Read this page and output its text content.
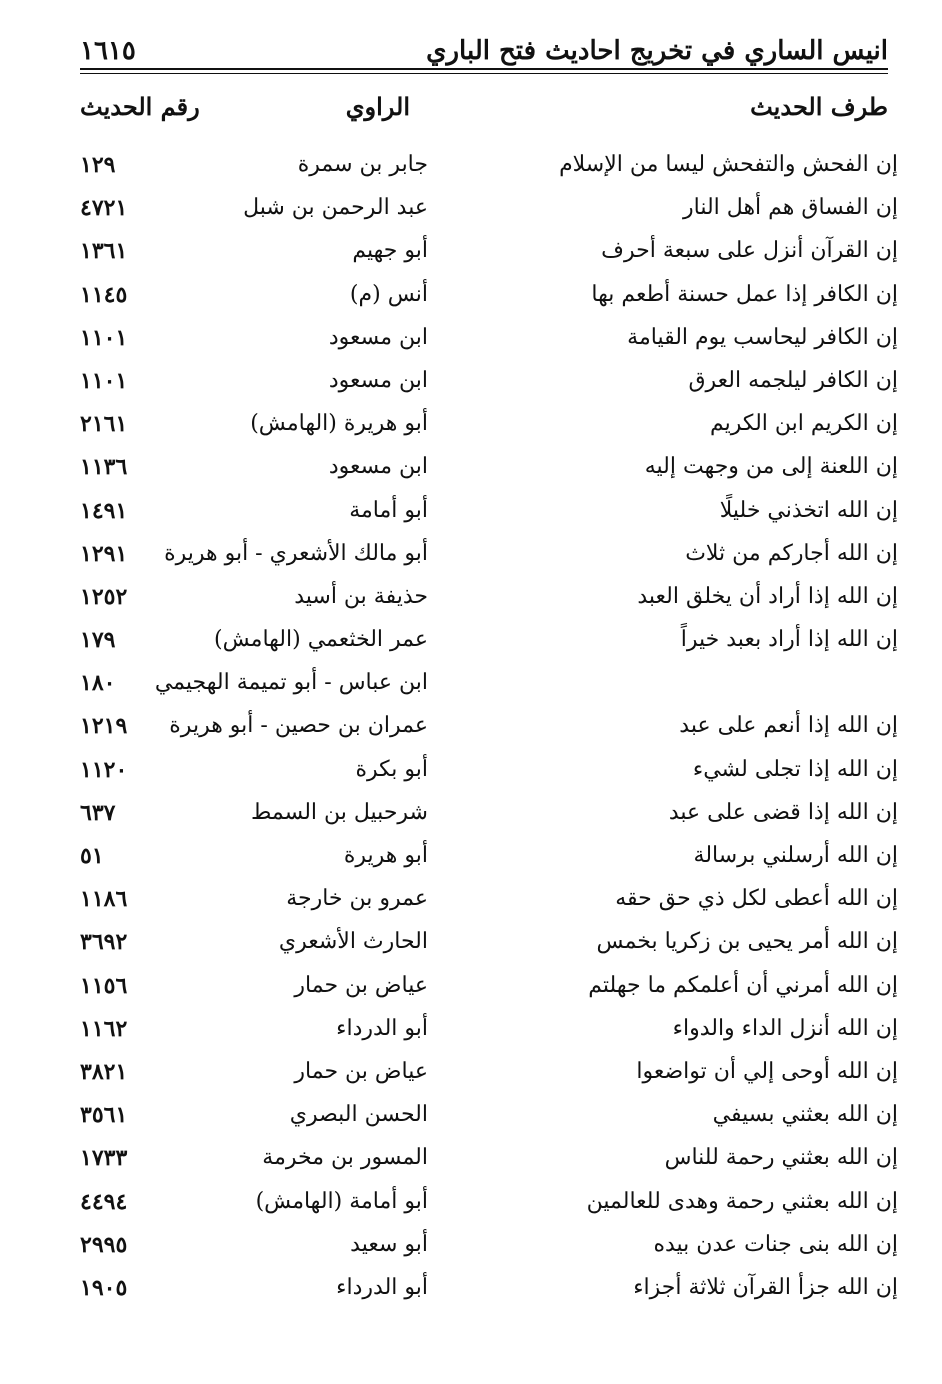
١٦١٥	انيس الساري في تخريج احاديث فتح الباري
طرف الحديث
الراوي
رقم الحديث
إن الفحش والتفحش ليسا من الإسلام
جابر بن سمرة
١٢٩
إن الفساق هم أهل النار
عبد الرحمن بن شبل
٤٧٢١
إن القرآن أنزل على سبعة أحرف
أبو جهيم
١٣٦١
إن الكافر إذا عمل حسنة أطعم بها
أنس (م)
١١٤٥
إن الكافر ليحاسب يوم القيامة
ابن مسعود
١١٠١
إن الكافر ليلجمه العرق
ابن مسعود
١١٠١
إن الكريم ابن الكريم
أبو هريرة (الهامش)
٢١٦١
إن اللعنة إلى من وجهت إليه
ابن مسعود
١١٣٦
إن الله اتخذني خليلًا
أبو أمامة
١٤٩١
إن الله أجاركم من ثلاث
أبو مالك الأشعري - أبو هريرة
١٢٩١
إن الله إذا أراد أن يخلق العبد
حذيفة بن أسيد
١٢٥٢
إن الله إذا أراد بعبد خيراً
عمر الخثعمي (الهامش)
١٧٩
ابن عباس - أبو تميمة الهجيمي
١٨٠
إن الله إذا أنعم على عبد
عمران بن حصين - أبو هريرة
١٢١٩
إن الله إذا تجلى لشيء
أبو بكرة
١١٢٠
إن الله إذا قضى على عبد
شرحبيل بن السمط
٦٣٧
إن الله أرسلني برسالة
أبو هريرة
٥١
إن الله أعطى لكل ذي حق حقه
عمرو بن خارجة
١١٨٦
إن الله أمر يحيى بن زكريا بخمس
الحارث الأشعري
٣٦٩٢
إن الله أمرني أن أعلمكم ما جهلتم
عياض بن حمار
١١٥٦
إن الله أنزل الداء والدواء
أبو الدرداء
١١٦٢
إن الله أوحى إلي أن تواضعوا
عياض بن حمار
٣٨٢١
إن الله بعثني بسيفي
الحسن البصري
٣٥٦١
إن الله بعثني رحمة للناس
المسور بن مخرمة
١٧٣٣
إن الله بعثني رحمة وهدى للعالمين
أبو أمامة (الهامش)
٤٤٩٤
إن الله بنى جنات عدن بيده
أبو سعيد
٢٩٩٥
إن الله جزأ القرآن ثلاثة أجزاء
أبو الدرداء
١٩٠٥
